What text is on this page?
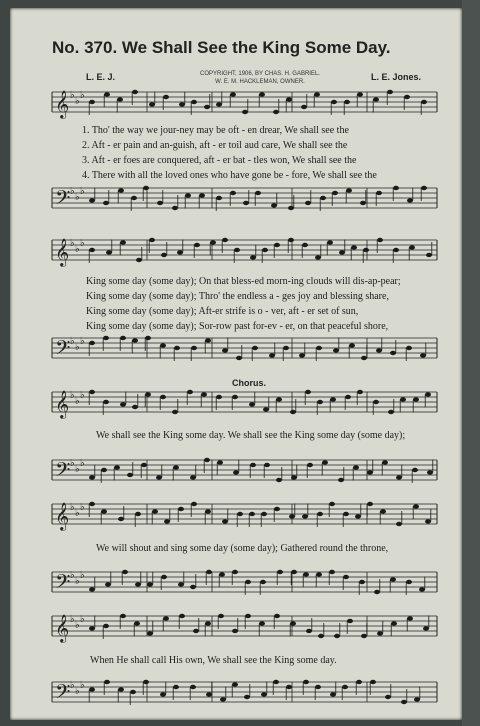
No. 370. We Shall See the King Some Day.
COPYRIGHT, 1906, BY CHAS. H. GABRIEL.
W. E. M. HACKLEMAN, OWNER.
L. E. J.	L. E. Jones.
𝄞 ♭
♭
♭
𝄢 ♭
♭
♭
𝄞 ♭
♭
♭
𝄢 ♭
♭
♭
𝄞 ♭
♭
♭
𝄢 ♭
♭
♭
𝄞 ♭
♭
♭
𝄢 ♭
♭
♭
𝄞 ♭
♭
♭
𝄢 ♭
♭
♭
1. Tho' the way we jour-ney may be oft - en drear, We shall see the
2. Aft - er pain and an-guish, aft - er toil aud care, We shall see the
3. Aft - er foes are conquered, aft - er bat - tles won, We shall see the
4. There with all the loved ones who have gone be - fore, We shall see the
King some day (some day); On that bless-ed morn-ing clouds will dis-ap-pear;
King some day (some day); Thro' the endless a - ges joy and blessing share,
King some day (some day); Aft-er strife is o - ver, aft - er set of sun,
King some day (some day); Sor-row past for-ev - er, on that peaceful shore,
Chorus.
We shall see the King some day. We shall see the King some day (some day);
We will shout and sing some day (some day); Gathered round the throne,
When He shall call His own, We shall see the King some day.
